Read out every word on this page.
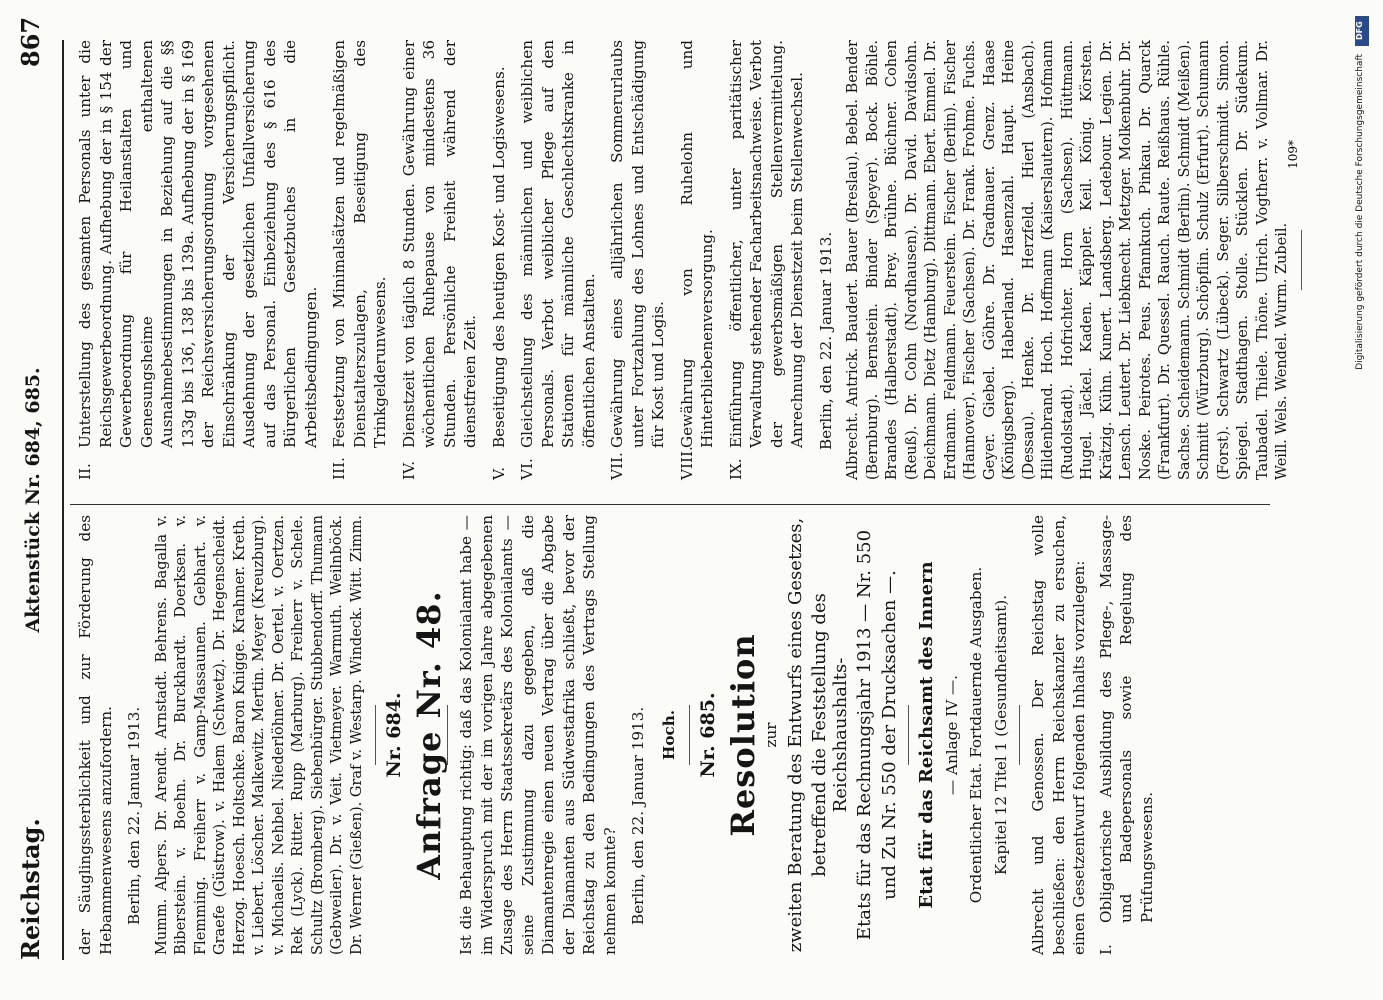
Aktenstück Nr. 684, 685.
Reichstag.
867

der Säuglingssterblichkeit und zur Förderung des Hebammenwesens anzufordern. Berlin, den 22. Januar 1913. Mumm. Alpers. Dr. Arendt. Arnstadt. Behrens. Bagalla v. Biberstein. v. Boehn. Dr. Burckhardt. Doerksen. v. Flemming. Freiherr v. Gamp-Massaunen. Gebhart. v. Graefe (Güstrow). v. Halem (Schwetz). Dr. Hegenscheidt. Herzog. Hoesch. Holtschke. Baron Knigge. Krahmer. Kreth. v. Liebert. Löscher. Malkewitz. Mertin. Meyer (Kreuzburg). v. Michaelis. Nehbel. Niederlöhner. Dr. Oertel. v. Oertzen. Rek (Lyck). Ritter. Rupp (Marburg). Freiherr v. Schele. Schultz (Bromberg). Siebenbürger. Stubbendorff. Thumann (Gebweiler). Dr. v. Veit. Vietmeyer. Warmuth. Weilnböck. Dr. Werner (Gießen). Graf v. Westarp. Windeck. Witt. Zimm. Nr. 684. Anfrage Nr. 48. Ist die Behauptung richtig: daß das Kolonialamt habe — im Widerspruch mit der im vorigen Jahre abgegebenen Zusage des Herrn Staatssekretärs des Kolonialamts — seine Zustimmung dazu gegeben, daß die Diamantenregie einen neuen Vertrag über die Abgabe der Diamanten aus Südwestafrika schließt, bevor der Reichstag zu den Bedingungen des Vertrags Stellung nehmen konnte? Berlin, den 22. Januar 1913. Hoch. Nr. 685. Resolution zur zweiten Beratung des Entwurfs eines Gesetzes, betreffend die Feststellung des Reichshaushalts- Etats für das Rechnungsjahr 1913 — Nr. 550 und Zu Nr. 550 der Drucksachen —. Etat für das Reichsamt des Innern — Anlage IV —. Ordentlicher Etat. Fortdauernde Ausgaben. Kapitel 12 Titel 1 (Gesundheitsamt). Albrecht und Genossen. Der Reichstag wolle beschließen: den Herrn Reichskanzler zu ersuchen, einen Gesetzentwurf folgenden Inhalts vorzulegen: I.
Obligatorische Ausbildung des Pflege-, Massage- und Badepersonals sowie Regelung des Prüfungswesens.
II.
Unterstellung des gesamten Personals unter die Reichsgewerbeordnung. Aufhebung der in § 154 der Gewerbeordnung für Heilanstalten und Genesungsheime enthaltenen Ausnahmebestimmungen in Beziehung auf die §§ 133g bis 136, 138 bis 139a. Aufhebung der in § 169 der Reichsversicherungsordnung vorgesehenen Einschränkung der Versicherungspflicht. Ausdehnung der gesetzlichen Unfallversicherung auf das Personal. Einbeziehung des § 616 des Bürgerlichen Gesetzbuches in die Arbeitsbedingungen.
III.
Festsetzung von Minimalsätzen und regelmäßigen Dienstalterszulagen, Beseitigung des Trinkgelderunwesens.
IV.
Dienstzeit von täglich 8 Stunden. Gewährung einer wöchentlichen Ruhepause von mindestens 36 Stunden. Persönliche Freiheit während der dienstfreien Zeit.
V.
Beseitigung des heutigen Kost- und Logiswesens.
VI.
Gleichstellung des männlichen und weiblichen Personals. Verbot weiblicher Pflege auf den Stationen für männliche Geschlechtskranke in öffentlichen Anstalten.
VII.
Gewährung eines alljährlichen Sommerurlaubs unter Fortzahlung des Lohnes und Entschädigung für Kost und Logis.
VIII.
Gewährung von Ruhelohn und Hinterbliebenenversorgung.
IX.
Einführung öffentlicher, unter paritätischer Verwaltung stehender Facharbeitsnachweise. Verbot der gewerbsmäßigen Stellenvermittelung. Anrechnung der Dienstzeit beim Stellenwechsel. Berlin, den 22. Januar 1913. Albrecht. Antrick. Baudert. Bauer (Breslau). Bebel. Bender (Bernburg). Bernstein. Binder (Speyer). Bock. Böhle. Brandes (Halberstadt). Brey. Brühne. Büchner. Cohen (Reuß). Dr. Cohn (Nordhausen). Dr. David. Davidsohn. Deichmann. Dietz (Hamburg). Dittmann. Ebert. Emmel. Dr. Erdmann. Feldmann. Feuerstein. Fischer (Berlin). Fischer (Hannover). Fischer (Sachsen). Dr. Frank. Frohme. Fuchs. Geyer. Giebel. Göhre. Dr. Gradnauer. Grenz. Haase (Königsberg). Haberland. Hasenzahl. Haupt. Heine (Dessau). Henke. Dr. Herzfeld. Hierl (Ansbach). Hildenbrand. Hoch. Hoffmann (Kaiserslautern). Hofmann (Rudolstadt). Hofrichter. Horn (Sachsen). Hüttmann. Hugel. Jäckel. Kaden. Käppler. Keil. König. Körsten. Krätzig. Kühn. Kunert. Landsberg. Ledebour. Legien. Dr. Lensch. Leutert. Dr. Liebknecht. Metzger. Molkenbuhr. Dr. Noske. Peirotes. Peus. Pfannkuch. Pinkau. Dr. Quarck (Frankfurt). Dr. Quessel. Rauch. Raute. Reißhaus. Rühle. Sachse. Scheidemann. Schmidt (Berlin). Schmidt (Meißen). Schmitt (Würzburg). Schöpflin. Schulz (Erfurt). Schumann (Forst). Schwartz (Lübeck). Seger. Silberschmidt. Simon. Spiegel. Stadthagen. Stolle. Stücklen. Dr. Südekum. Taubadel. Thiele. Thöne. Ulrich. Vogtherr. v. Vollmar. Dr. Weill. Wels. Wendel. Wurm. Zubeil.

109*
DFG
Digitalisierung gefördert durch die Deutsche Forschungsgemeinschaft
